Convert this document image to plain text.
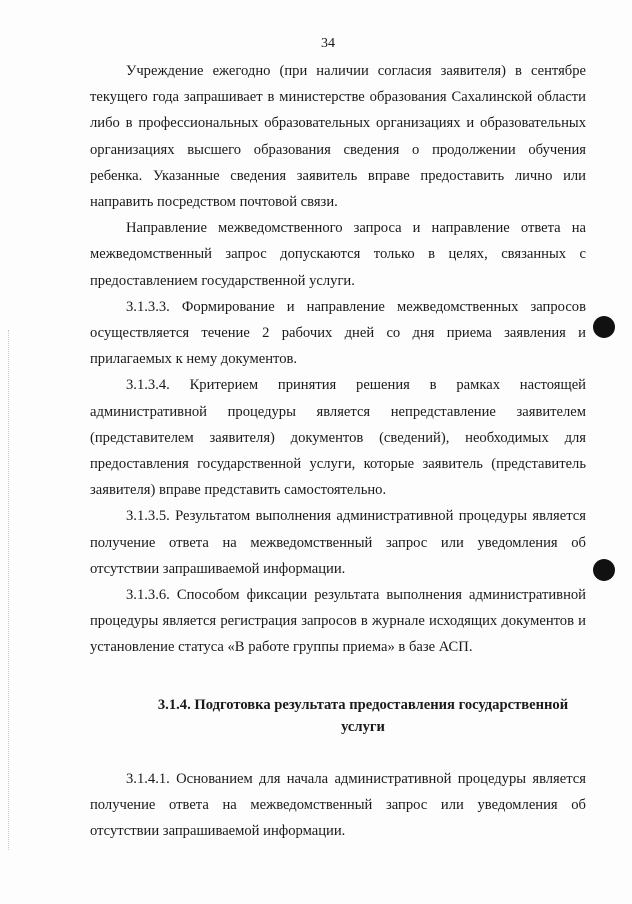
34

Учреждение ежегодно (при наличии согласия заявителя) в сентябре текущего года запрашивает в министерстве образования Сахалинской области либо в профессиональных образовательных организациях и образовательных организациях высшего образования сведения о продолжении обучения ребенка. Указанные сведения заявитель вправе предоставить лично или направить посредством почтовой связи.

Направление межведомственного запроса и направление ответа на межведомственный запрос допускаются только в целях, связанных с предоставлением государственной услуги.

3.1.3.3. Формирование и направление межведомственных запросов осуществляется течение 2 рабочих дней со дня приема заявления и прилагаемых к нему документов.

3.1.3.4. Критерием принятия решения в рамках настоящей административной процедуры является непредставление заявителем (представителем заявителя) документов (сведений), необходимых для предоставления государственной услуги, которые заявитель (представитель заявителя) вправе представить самостоятельно.

3.1.3.5. Результатом выполнения административной процедуры является получение ответа на межведомственный запрос или уведомления об отсутствии запрашиваемой информации.

3.1.3.6. Способом фиксации результата выполнения административной процедуры является регистрация запросов в журнале исходящих документов и установление статуса «В работе группы приема» в базе АСП.

3.1.4. Подготовка результата предоставления государственной услуги

3.1.4.1. Основанием для начала административной процедуры является получение ответа на межведомственный запрос или уведомления об отсутствии запрашиваемой информации.
